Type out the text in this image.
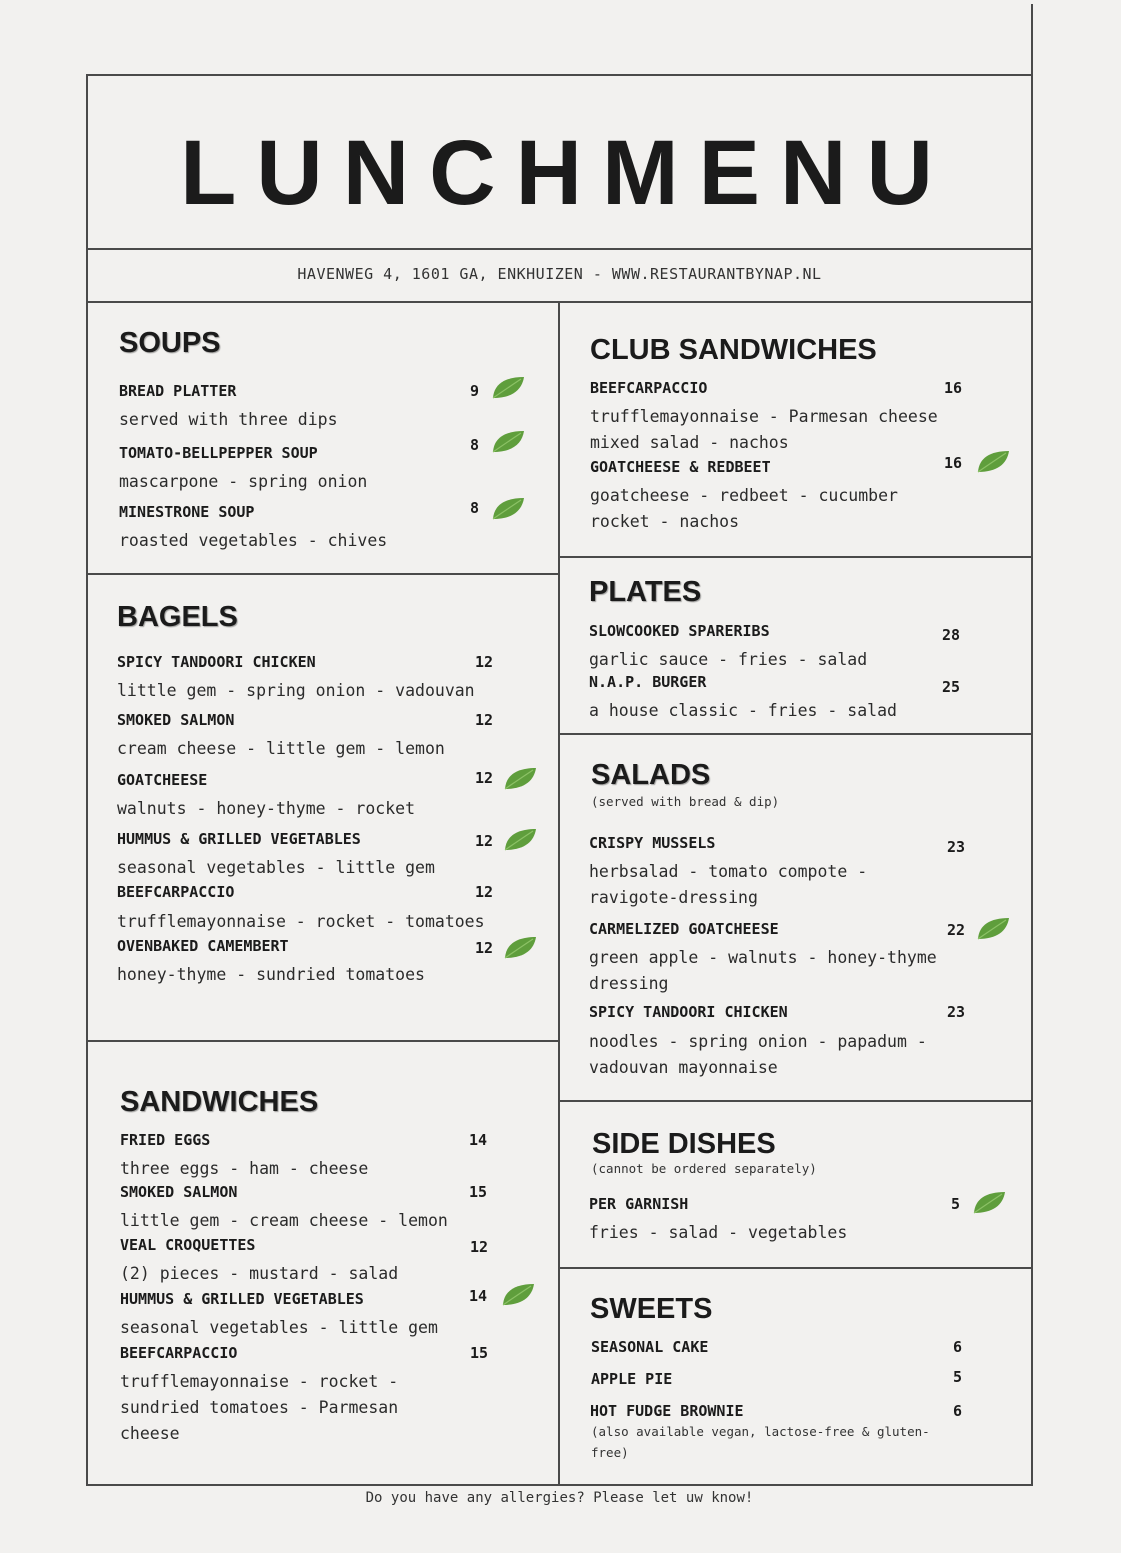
LUNCHMENU
HAVENWEG 4, 1601 GA, ENKHUIZEN - WWW.RESTAURANTBYNAP.NL
SOUPS
BREAD PLATTER	9
served with three dips
TOMATO-BELLPEPPER SOUP	8
mascarpone - spring onion
MINESTRONE SOUP	8
roasted vegetables - chives
BAGELS
SPICY TANDOORI CHICKEN	12
little gem - spring onion - vadouvan
SMOKED SALMON	12
cream cheese - little gem - lemon
GOATCHEESE	12
walnuts - honey-thyme - rocket
HUMMUS & GRILLED VEGETABLES	12
seasonal vegetables - little gem
BEEFCARPACCIO	12
trufflemayonnaise - rocket - tomatoes
OVENBAKED CAMEMBERT	12
honey-thyme - sundried tomatoes
SANDWICHES
FRIED EGGS	14
three eggs - ham - cheese
SMOKED SALMON	15
little gem - cream cheese - lemon
VEAL CROQUETTES	12
(2) pieces - mustard - salad
HUMMUS & GRILLED VEGETABLES	14
seasonal vegetables - little gem
BEEFCARPACCIO	15
trufflemayonnaise - rocket -
sundried tomatoes - Parmesan
cheese
CLUB SANDWICHES
BEEFCARPACCIO	16
trufflemayonnaise - Parmesan cheese
mixed salad - nachos
GOATCHEESE & REDBEET	16
goatcheese - redbeet - cucumber
rocket - nachos
PLATES
SLOWCOOKED SPARERIBS	28
garlic sauce - fries - salad
N.A.P. BURGER	25
a house classic - fries - salad
SALADS
(served with bread & dip)
CRISPY MUSSELS	23
herbsalad - tomato compote -
ravigote-dressing
CARMELIZED GOATCHEESE	22
green apple - walnuts - honey-thyme
dressing
SPICY TANDOORI CHICKEN	23
noodles - spring onion - papadum -
vadouvan mayonnaise
SIDE DISHES
(cannot be ordered separately)
PER GARNISH	5
fries - salad - vegetables
SWEETS
SEASONAL CAKE	6
APPLE PIE	5
HOT FUDGE BROWNIE	6
(also available vegan, lactose-free & gluten-
free)
Do you have any allergies? Please let uw know!
